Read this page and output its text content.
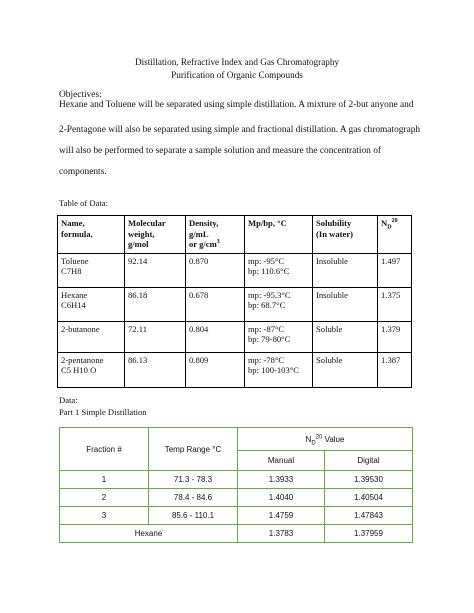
Distillation, Refractive Index and Gas Chromatography
Purification of Organic Compounds
Objectives:
Hexane and Toluene will be separated using simple distillation. A mixture of 2-but anyone and
2-Pentagone will also be separated using simple and fractional distillation. A gas chromatograph
will also be performed to separate a sample solution and measure the concentration of
components.
Table of Data:
Name,
formula,	Molecular
weight,
g/mol	Density,
g/mL
or $g/cm^3$	Mp/bp, °C	Solubility
(In water)	$N_D^{20}$
Toluene
C7H8	92.14	0.870	mp: -95°C
bp: 110.6°C	Insoluble	1.497
Hexane
C6H14	86.18	0.678	mp: -95.3°C
bp: 68.7°C	Insoluble	1.375
2-butanone	72.11	0.804	mp: -87°C
bp: 79-80°C	Soluble	1.379
2-pentanone
C5 H10 O	86.13	0.809	mp: -78°C
bp: 100-103°C	Soluble	1.387
Data:
Part 1 Simple Distillation
Fraction #	Temp Range °C	$N_D^{20}$ Value	
		Manual	Digital
1	71.3 - 78.3	1.3933	1.39530
2	78.4 - 84.6	1.4040	1.40504
3	85.6 - 110.1	1.4759	1.47843
Hexane		1.3783	1.37959
